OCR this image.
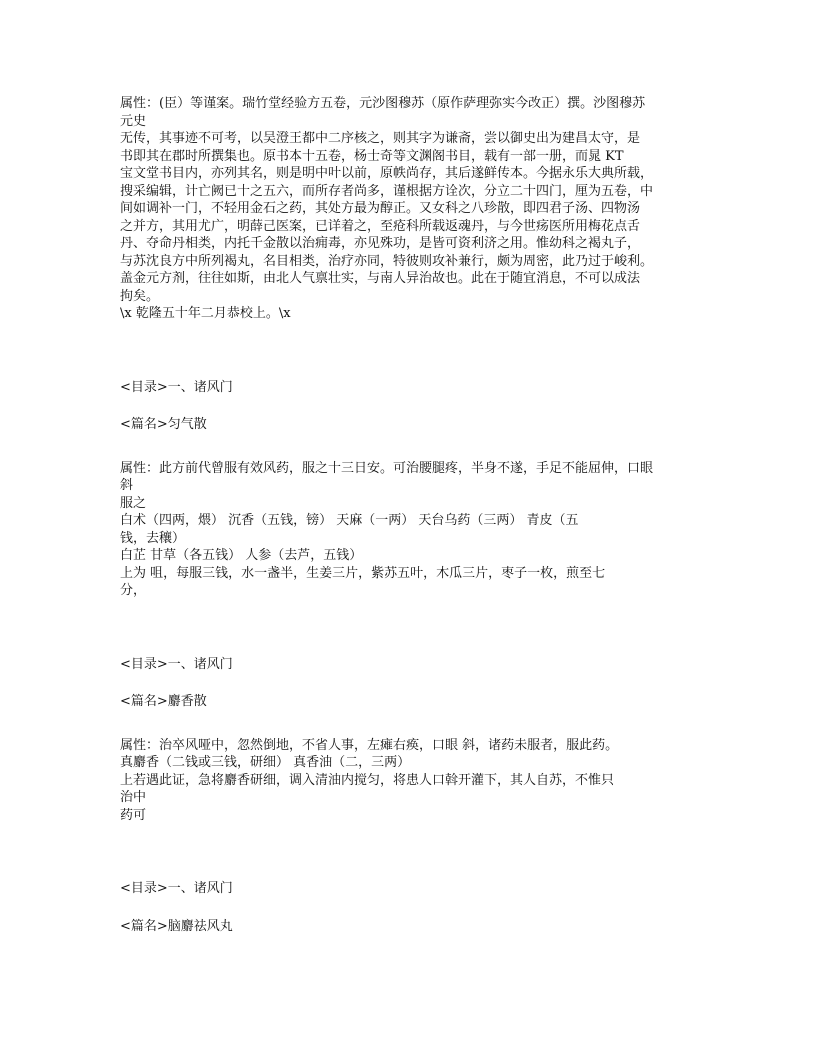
属性：(臣）等谨案。瑞竹堂经验方五卷，元沙图穆苏（原作萨理弥实今改正）撰。沙图穆苏

元史

无传，其事迹不可考，以吴澄王都中二序核之，则其字为谦斋，尝以御史出为建昌太守，是

书即其在郡时所撰集也。原书本十五卷，杨士奇等文渊阁书目，载有一部一册，而晁 KT

宝文堂书目内，亦列其名，则是明中叶以前，原帙尚存，其后遂鲜传本。今据永乐大典所载，

搜采编辑，计亡阙已十之五六，而所存者尚多，谨根据方诠次，分立二十四门，厘为五卷，中

间如调补一门，不轻用金石之药，其处方最为醇正。又女科之八珍散，即四君子汤、四物汤

之并方，其用尤广，明薛己医案，已详着之，至疮科所载返魂丹，与今世疡医所用梅花点舌

丹、夺命丹相类，内托千金散以治痈毒，亦见殊功，是皆可资利济之用。惟幼科之褐丸子，

与苏沈良方中所列褐丸，名目相类，治疗亦同，特彼则攻补兼行，颇为周密，此乃过于峻利。

盖金元方剂，往往如斯，由北人气禀壮实，与南人异治故也。此在于随宜消息，不可以成法

拘矣。

\x 乾隆五十年二月恭校上。\x

<目录>一、诸风门

<篇名>匀气散

属性：此方前代曾服有效风药，服之十三日安。可治腰腿疼，半身不遂，手足不能屈伸，口眼

斜

服之

白术（四两，煨） 沉香（五钱，镑） 天麻（一两） 天台乌药（三两） 青皮（五

钱，去穰）

白芷 甘草（各五钱） 人参（去芦，五钱）

上为 咀，每服三钱，水一盏半，生姜三片，紫苏五叶，木瓜三片，枣子一枚，煎至七

分，

<目录>一、诸风门

<篇名>麝香散

属性：治卒风哑中，忽然倒地，不省人事，左瘫右痪，口眼 斜，诸药未服者，服此药。

真麝香（二钱或三钱，研细） 真香油（二，三两）

上若遇此证，急将麝香研细，调入清油内搅匀，将患人口斡开灌下，其人自苏，不惟只

治中

药可

<目录>一、诸风门

<篇名>脑麝祛风丸
